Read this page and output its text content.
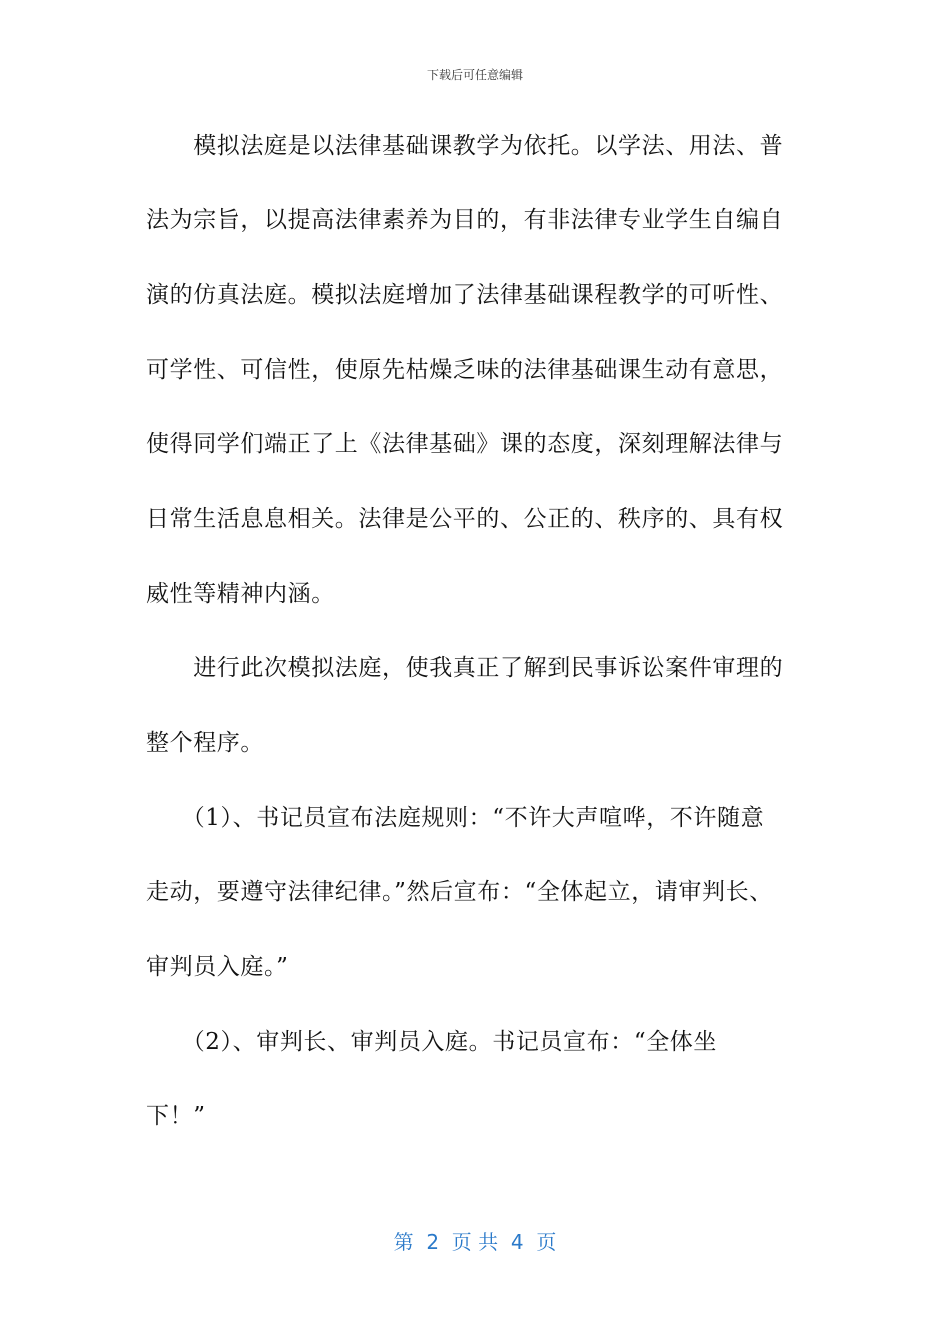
下载后可任意编辑
　　模拟法庭是以法律基础课教学为依托。以学法、用法、普
法为宗旨，以提高法律素养为目的，有非法律专业学生自编自
演的仿真法庭。模拟法庭增加了法律基础课程教学的可听性、
可学性、可信性，使原先枯燥乏味的法律基础课生动有意思，
使得同学们端正了上《法律基础》课的态度，深刻理解法律与
日常生活息息相关。法律是公平的、公正的、秩序的、具有权
威性等精神内涵。
　　进行此次模拟法庭，使我真正了解到民事诉讼案件审理的
整个程序。
　　（1）、书记员宣布法庭规则：“不许大声喧哗，不许随意
走动，要遵守法律纪律。”然后宣布：“全体起立，请审判长、
审判员入庭。”
　　（2）、审判长、审判员入庭。书记员宣布：“全体坐
下！”
第  2  页 共  4  页
